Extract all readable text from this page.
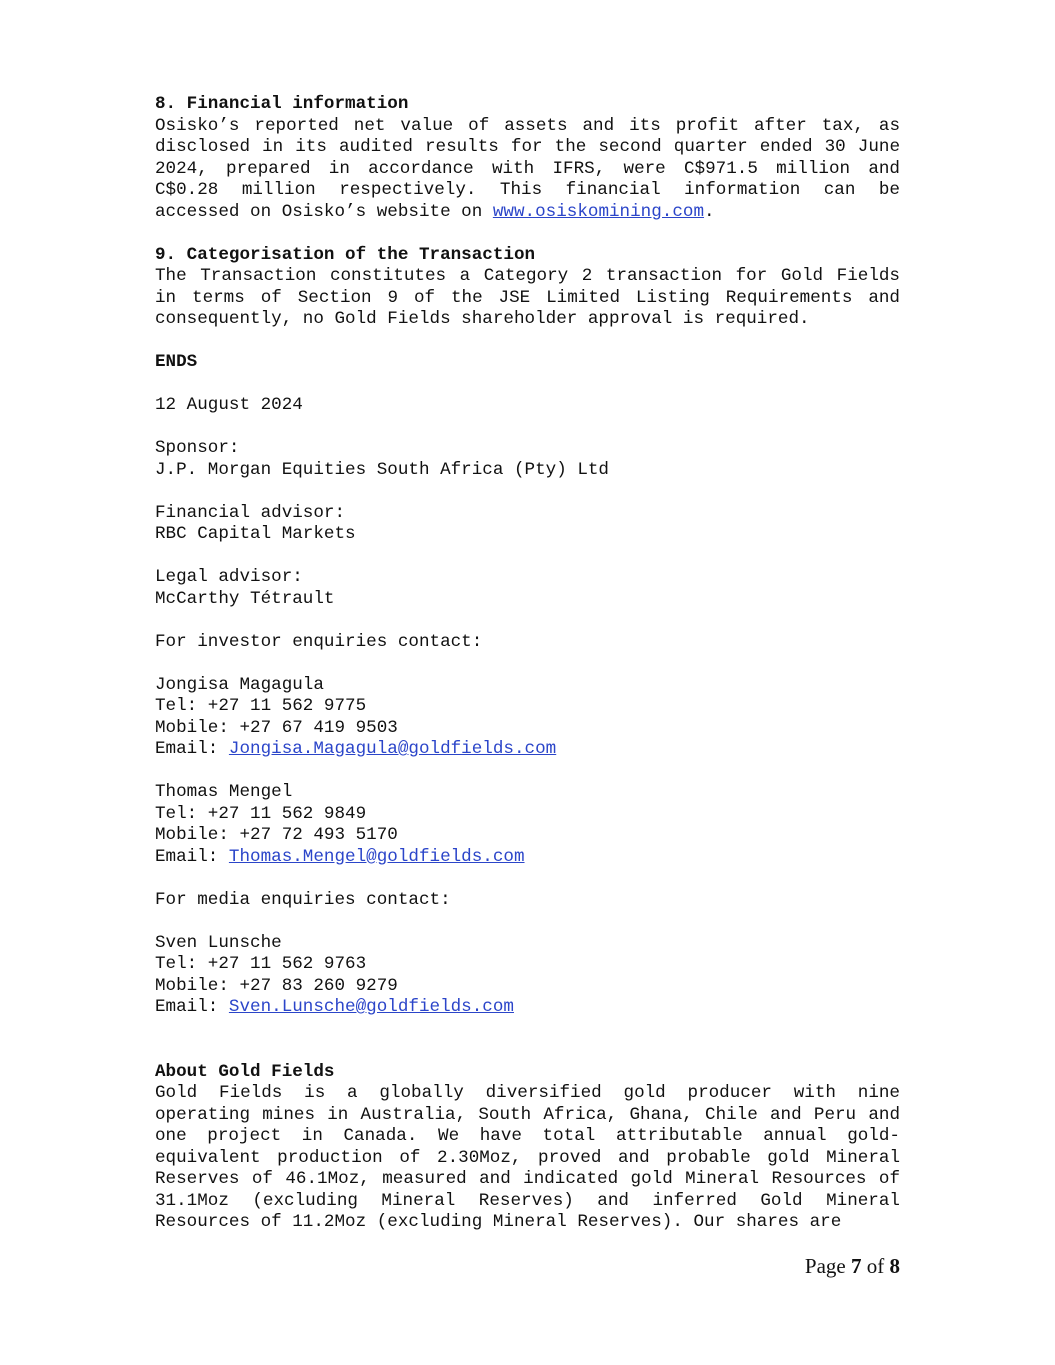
8. Financial information
Osisko’s reported net value of assets and its profit after tax, as disclosed in its audited results for the second quarter ended 30 June 2024, prepared in accordance with IFRS, were C$971.5 million and C$0.28 million respectively. This financial information can be accessed on Osisko’s website on www.osiskomining.com.
9. Categorisation of the Transaction
The Transaction constitutes a Category 2 transaction for Gold Fields in terms of Section 9 of the JSE Limited Listing Requirements and consequently, no Gold Fields shareholder approval is required.
ENDS
12 August 2024
Sponsor:
J.P. Morgan Equities South Africa (Pty) Ltd
Financial advisor:
RBC Capital Markets
Legal advisor:
McCarthy Tétrault
For investor enquiries contact:
Jongisa Magagula
Tel: +27 11 562 9775
Mobile: +27 67 419 9503
Email: Jongisa.Magagula@goldfields.com
Thomas Mengel
Tel: +27 11 562 9849
Mobile: +27 72 493 5170
Email: Thomas.Mengel@goldfields.com
For media enquiries contact:
Sven Lunsche
Tel: +27 11 562 9763
Mobile: +27 83 260 9279
Email: Sven.Lunsche@goldfields.com
About Gold Fields
Gold Fields is a globally diversified gold producer with nine operating mines in Australia, South Africa, Ghana, Chile and Peru and one project in Canada. We have total attributable annual gold-equivalent production of 2.30Moz, proved and probable gold Mineral Reserves of 46.1Moz, measured and indicated gold Mineral Resources of 31.1Moz (excluding Mineral Reserves) and inferred Gold Mineral Resources of 11.2Moz (excluding Mineral Reserves). Our shares are
Page 7 of 8
